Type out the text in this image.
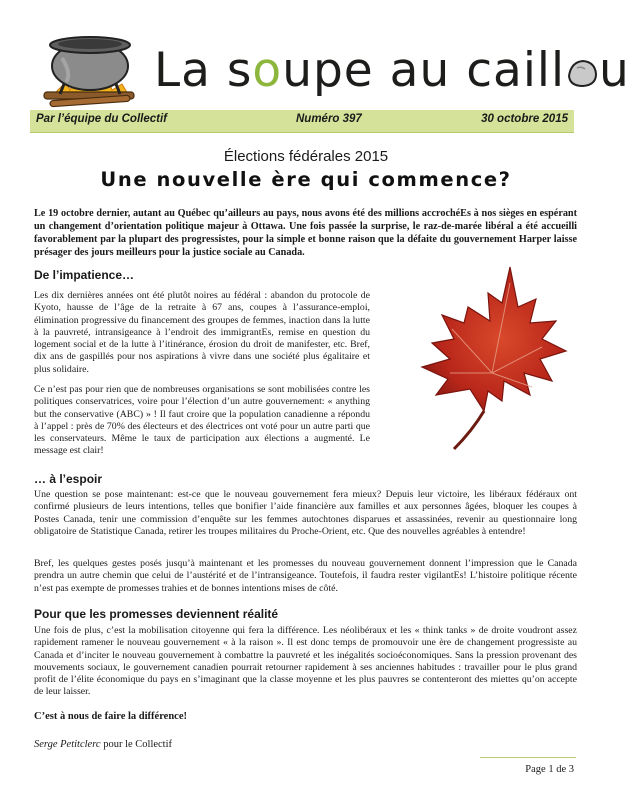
La soupe au caill u
Par l’équipe du Collectif	Numéro 397	30 octobre 2015
Élections fédérales 2015
Une nouvelle ère qui commence?
Le 19 octobre dernier, autant au Québec qu’ailleurs au pays, nous avons été des millions accrochéEs à nos sièges en espérant un changement d’orientation politique majeur à Ottawa. Une fois passée la surprise, le raz-de-marée libéral a été accueilli favorablement par la plupart des progressistes, pour la simple et bonne raison que la défaite du gouvernement Harper laisse présager des jours meilleurs pour la justice sociale au Canada.
De l’impatience…
Les dix dernières années ont été plutôt noires au fédéral : abandon du protocole de Kyoto, hausse de l’âge de la retraite à 67 ans, coupes à l’assurance-emploi, élimination progressive du financement des groupes de femmes, inaction dans la lutte à la pauvreté, intransigeance à l’endroit des immigrantEs, remise en question du logement social et de la lutte à l’itinérance, érosion du droit de manifester, etc. Bref, dix ans de gaspillés pour nos aspirations à vivre dans une société plus égalitaire et plus solidaire.
Ce n’est pas pour rien que de nombreuses organisations se sont mobilisées contre les politiques conservatrices, voire pour l’élection d’un autre gouvernement: « anything but the conservative (ABC) » ! Il faut croire que la population canadienne a répondu à l’appel : près de 70% des électeurs et des électrices ont voté pour un autre parti que les conservateurs. Même le taux de participation aux élections a augmenté. Le message est clair!
… à l’espoir
Une question se pose maintenant: est-ce que le nouveau gouvernement fera mieux? Depuis leur victoire, les libéraux fédéraux ont confirmé plusieurs de leurs intentions, telles que bonifier l’aide financière aux familles et aux personnes âgées, bloquer les coupes à Postes Canada, tenir une commission d’enquête sur les femmes autochtones disparues et assassinées, revenir au questionnaire long obligatoire de Statistique Canada, retirer les troupes militaires du Proche-Orient, etc. Que des nouvelles agréables à entendre!
Bref, les quelques gestes posés jusqu’à maintenant et les promesses du nouveau gouvernement donnent l’impression que le Canada prendra un autre chemin que celui de l’austérité et de l’intransigeance. Toutefois, il faudra rester vigilantEs! L’histoire politique récente n’est pas exempte de promesses trahies et de bonnes intentions mises de côté.
Pour que les promesses deviennent réalité
Une fois de plus, c’est la mobilisation citoyenne qui fera la différence. Les néolibéraux et les « think tanks » de droite voudront assez rapidement ramener le nouveau gouvernement « à la raison ». Il est donc temps de promouvoir une ère de changement progressiste au Canada et d’inciter le nouveau gouvernement à combattre la pauvreté et les inégalités socioéconomiques. Sans la pression provenant des mouvements sociaux, le gouvernement canadien pourrait retourner rapidement à ses anciennes habitudes : travailler pour le plus grand profit de l’élite économique du pays en s’imaginant que la classe moyenne et les plus pauvres se contenteront des miettes qu’on accepte de leur laisser.
C’est à nous de faire la différence!
Serge Petitclerc pour le Collectif
Page 1 de 3
